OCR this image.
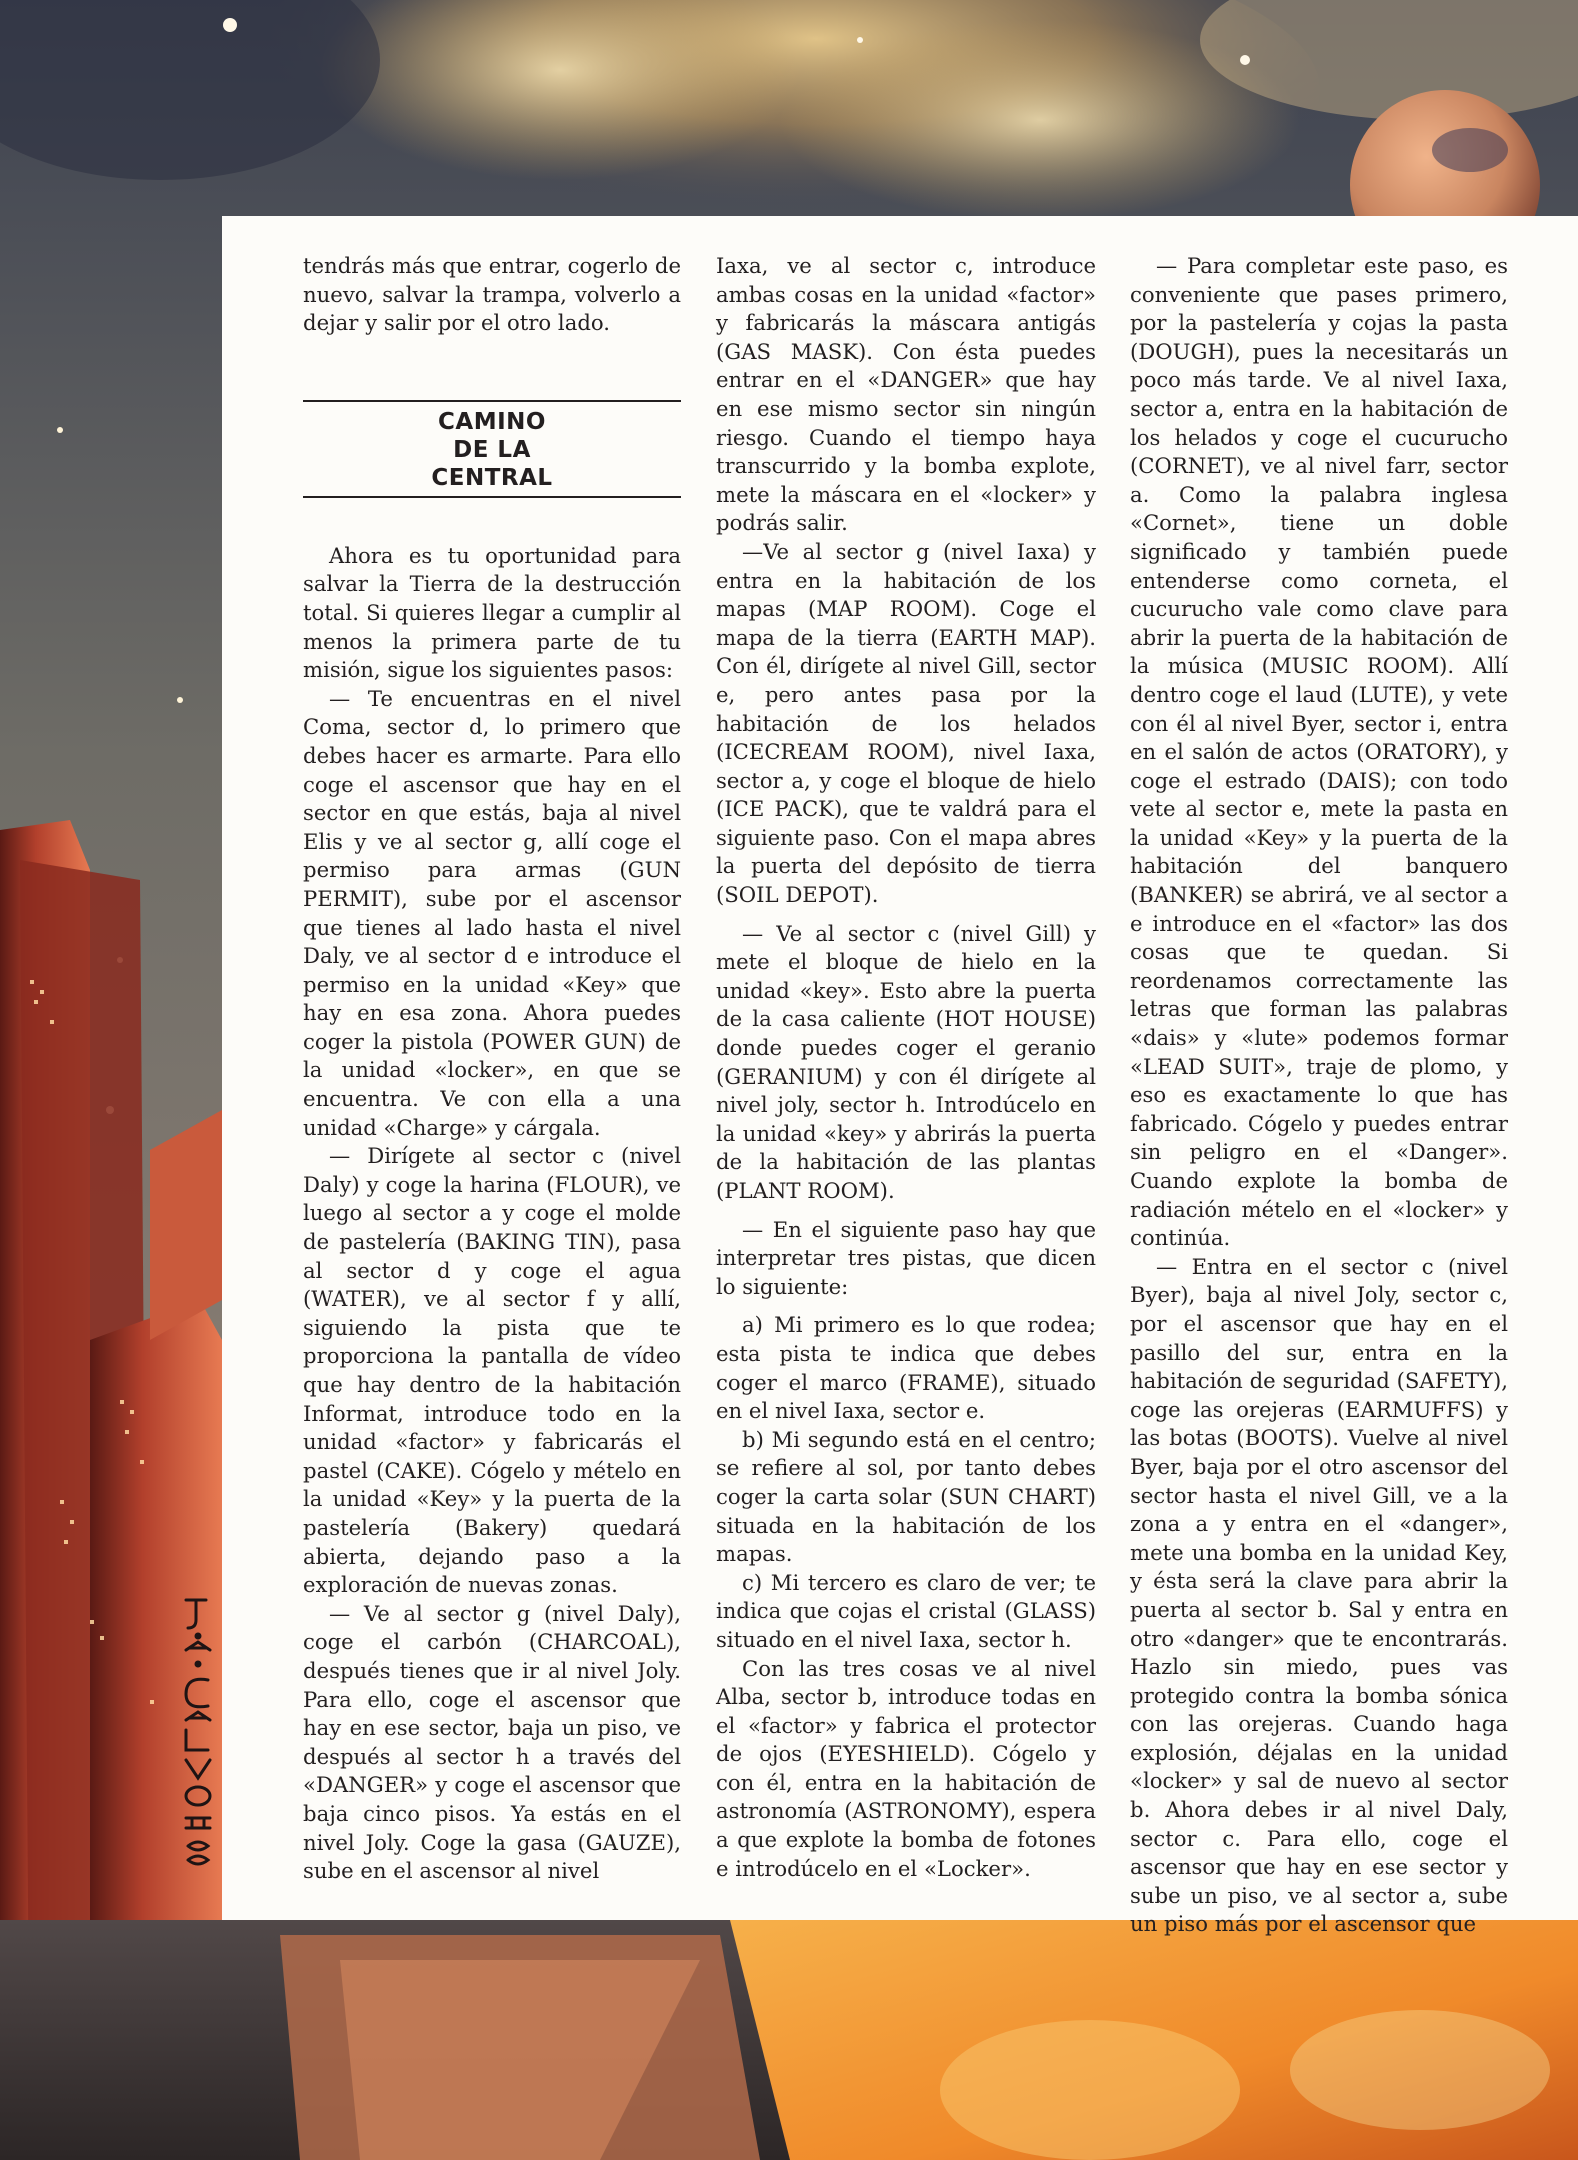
tendrás más que entrar, cogerlo de nuevo, salvar la trampa, volverlo a dejar y salir por el otro lado.

CAMINO
DE LA
CENTRAL

Ahora es tu oportunidad para salvar la Tierra de la destrucción total. Si quieres llegar a cumplir al menos la primera parte de tu misión, sigue los siguientes pasos:

— Te encuentras en el nivel Coma, sector d, lo primero que debes hacer es armarte. Para ello coge el ascensor que hay en el sector en que estás, baja al nivel Elis y ve al sector g, allí coge el permiso para armas (GUN PERMIT), sube por el ascensor que tienes al lado hasta el nivel Daly, ve al sector d e introduce el permiso en la unidad «Key» que hay en esa zona. Ahora puedes coger la pistola (POWER GUN) de la unidad «locker», en que se encuentra. Ve con ella a una unidad «Charge» y cárgala.

— Dirígete al sector c (nivel Daly) y coge la harina (FLOUR), ve luego al sector a y coge el molde de pastelería (BAKING TIN), pasa al sector d y coge el agua (WATER), ve al sector f y allí, siguiendo la pista que te proporciona la pantalla de vídeo que hay dentro de la habitación Informat, introduce todo en la unidad «factor» y fabricarás el pastel (CAKE). Cógelo y mételo en la unidad «Key» y la puerta de la pastelería (Bakery) quedará abierta, dejando paso a la exploración de nuevas zonas.

— Ve al sector g (nivel Daly), coge el carbón (CHARCOAL), después tienes que ir al nivel Joly. Para ello, coge el ascensor que hay en ese sector, baja un piso, ve después al sector h a través del «DANGER» y coge el ascensor que baja cinco pisos. Ya estás en el nivel Joly. Coge la gasa (GAUZE), sube en el ascensor al nivel

Iaxa, ve al sector c, introduce ambas cosas en la unidad «factor» y fabricarás la máscara antigás (GAS MASK). Con ésta puedes entrar en el «DANGER» que hay en ese mismo sector sin ningún riesgo. Cuando el tiempo haya transcurrido y la bomba explote, mete la máscara en el «locker» y podrás salir.

—Ve al sector g (nivel Iaxa) y entra en la habitación de los mapas (MAP ROOM). Coge el mapa de la tierra (EARTH MAP). Con él, dirígete al nivel Gill, sector e, pero antes pasa por la habitación de los helados (ICECREAM ROOM), nivel Iaxa, sector a, y coge el bloque de hielo (ICE PACK), que te valdrá para el siguiente paso. Con el mapa abres la puerta del depósito de tierra (SOIL DEPOT).

— Ve al sector c (nivel Gill) y mete el bloque de hielo en la unidad «key». Esto abre la puerta de la casa caliente (HOT HOUSE) donde puedes coger el geranio (GERANIUM) y con él dirígete al nivel joly, sector h. Introdúcelo en la unidad «key» y abrirás la puerta de la habitación de las plantas (PLANT ROOM).

— En el siguiente paso hay que interpretar tres pistas, que dicen lo siguiente:

a) Mi primero es lo que rodea; esta pista te indica que debes coger el marco (FRAME), situado en el nivel Iaxa, sector e.

b) Mi segundo está en el centro; se refiere al sol, por tanto debes coger la carta solar (SUN CHART) situada en la habitación de los mapas.

c) Mi tercero es claro de ver; te indica que cojas el cristal (GLASS) situado en el nivel Iaxa, sector h.

Con las tres cosas ve al nivel Alba, sector b, introduce todas en el «factor» y fabrica el protector de ojos (EYESHIELD). Cógelo y con él, entra en la habitación de astronomía (ASTRONOMY), espera a que explote la bomba de fotones e introdúcelo en el «Locker».

— Para completar este paso, es conveniente que pases primero, por la pastelería y cojas la pasta (DOUGH), pues la necesitarás un poco más tarde. Ve al nivel Iaxa, sector a, entra en la habitación de los helados y coge el cucurucho (CORNET), ve al nivel farr, sector a. Como la palabra inglesa «Cornet», tiene un doble significado y también puede entenderse como corneta, el cucurucho vale como clave para abrir la puerta de la habitación de la música (MUSIC ROOM). Allí dentro coge el laud (LUTE), y vete con él al nivel Byer, sector i, entra en el salón de actos (ORATORY), y coge el estrado (DAIS); con todo vete al sector e, mete la pasta en la unidad «Key» y la puerta de la habitación del banquero (BANKER) se abrirá, ve al sector a e introduce en el «factor» las dos cosas que te quedan. Si reordenamos correctamente las letras que forman las palabras «dais» y «lute» podemos formar «LEAD SUIT», traje de plomo, y eso es exactamente lo que has fabricado. Cógelo y puedes entrar sin peligro en el «Danger». Cuando explote la bomba de radiación mételo en el «locker» y continúa.

— Entra en el sector c (nivel Byer), baja al nivel Joly, sector c, por el ascensor que hay en el pasillo del sur, entra en la habitación de seguridad (SAFETY), coge las orejeras (EARMUFFS) y las botas (BOOTS). Vuelve al nivel Byer, baja por el otro ascensor del sector hasta el nivel Gill, ve a la zona a y entra en el «danger», mete una bomba en la unidad Key, y ésta será la clave para abrir la puerta al sector b. Sal y entra en otro «danger» que te encontrarás. Hazlo sin miedo, pues vas protegido contra la bomba sónica con las orejeras. Cuando haga explosión, déjalas en la unidad «locker» y sal de nuevo al sector b. Ahora debes ir al nivel Daly, sector c. Para ello, coge el ascensor que hay en ese sector y sube un piso, ve al sector a, sube un piso más por el ascensor que
